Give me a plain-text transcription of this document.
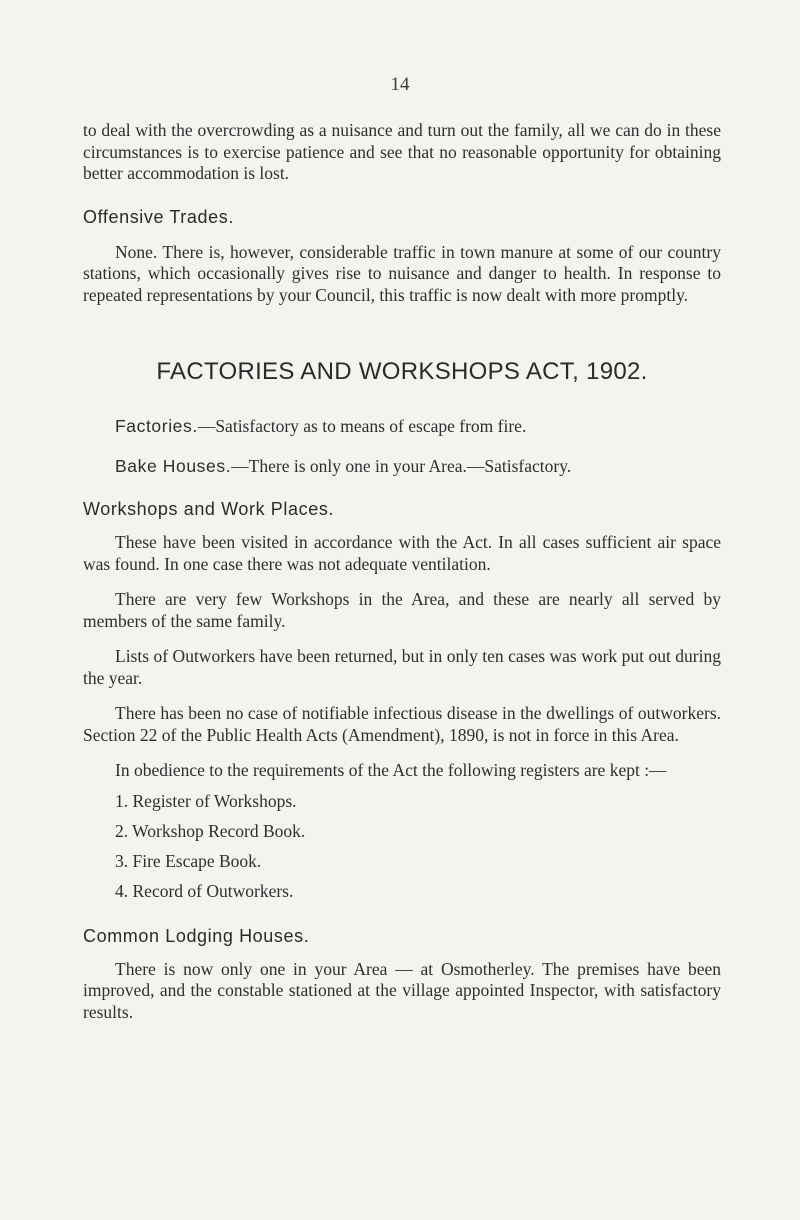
14

to deal with the overcrowding as a nuisance and turn out the family, all we can do in these circumstances is to exercise patience and see that no reasonable opportunity for obtaining better accommodation is lost.

Offensive Trades.

None. There is, however, considerable traffic in town manure at some of our country stations, which occasionally gives rise to nuisance and danger to health. In response to repeated representations by your Council, this traffic is now dealt with more promptly.

FACTORIES AND WORKSHOPS ACT, 1902.

Factories.—Satisfactory as to means of escape from fire.

Bake Houses.—There is only one in your Area.—Satisfactory.

Workshops and Work Places.

These have been visited in accordance with the Act. In all cases sufficient air space was found. In one case there was not adequate ventilation.

There are very few Workshops in the Area, and these are nearly all served by members of the same family.

Lists of Outworkers have been returned, but in only ten cases was work put out during the year.

There has been no case of notifiable infectious disease in the dwellings of outworkers. Section 22 of the Public Health Acts (Amendment), 1890, is not in force in this Area.

In obedience to the requirements of the Act the following registers are kept :—

1. Register of Workshops.
2. Workshop Record Book.
3. Fire Escape Book.
4. Record of Outworkers.
Common Lodging Houses.

There is now only one in your Area — at Osmotherley. The premises have been improved, and the constable stationed at the village appointed Inspector, with satisfactory results.
